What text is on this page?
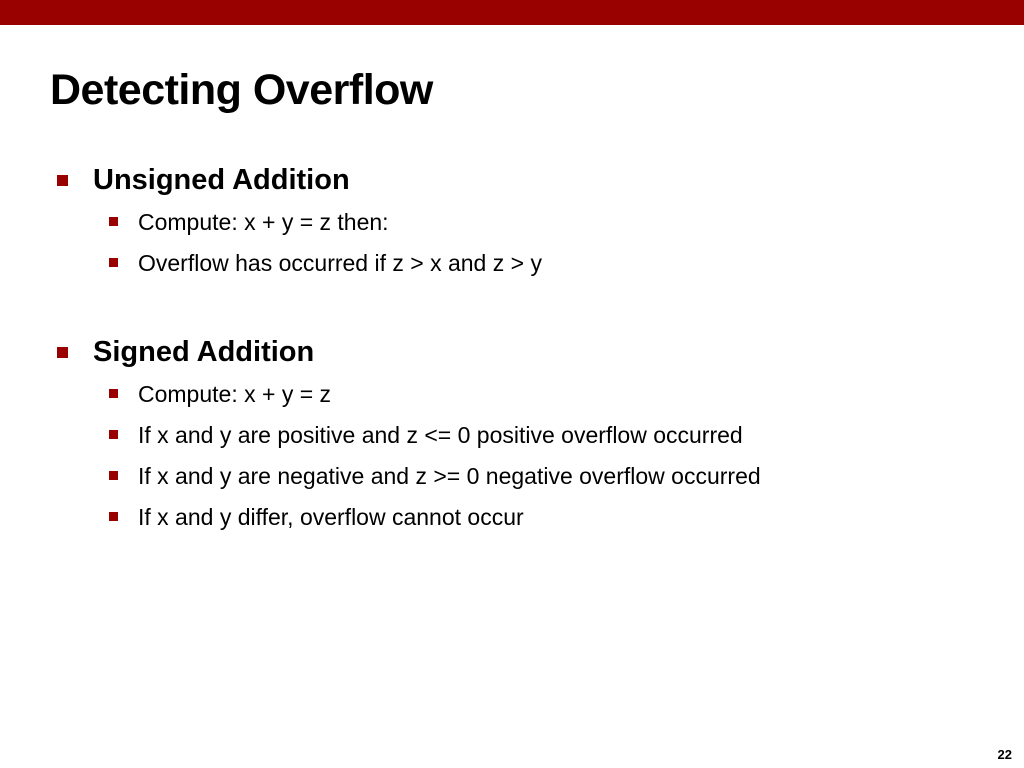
Detecting Overflow
Unsigned Addition
Compute: x + y = z then:
Overflow has occurred if z > x and z > y
Signed Addition
Compute: x + y = z
If x and y are positive and z <= 0 positive overflow occurred
If x and y are negative and z >= 0 negative overflow occurred
If x and y differ, overflow cannot occur
22
